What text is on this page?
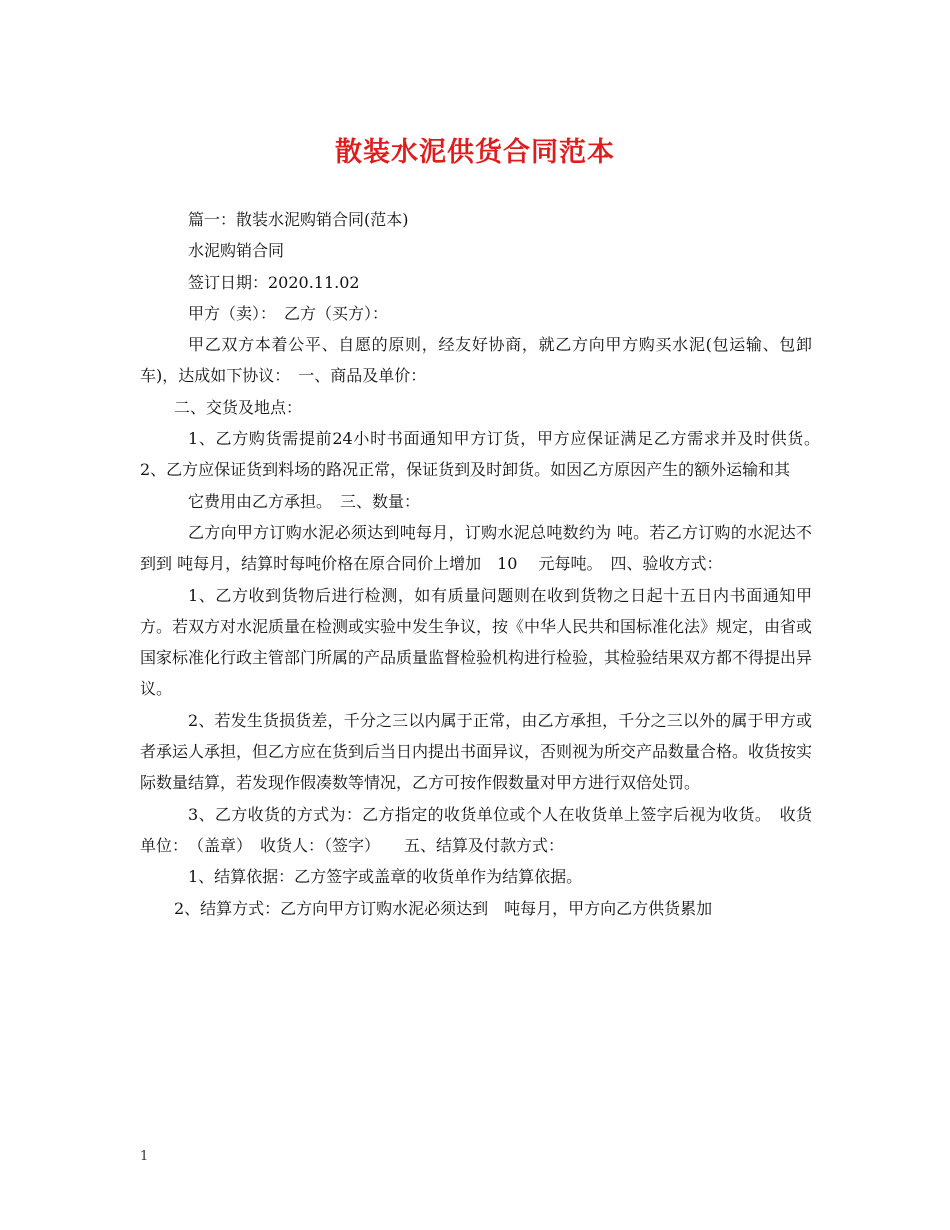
散装水泥供货合同范本

篇一：散装水泥购销合同(范本)

水泥购销合同

签订日期：2020.11.02

甲方（卖）：　乙方（买方）：

甲乙双方本着公平、自愿的原则，经友好协商，就乙方向甲方购买水泥(包运输、包卸车)，达成如下协议：　一、商品及单价：

二、交货及地点：

1、乙方购货需提前24小时书面通知甲方订货，甲方应保证满足乙方需求并及时供货。　2、乙方应保证货到料场的路况正常，保证货到及时卸货。如因乙方原因产生的额外运输和其

它费用由乙方承担。　三、数量：

乙方向甲方订购水泥必须达到吨每月，订购水泥总吨数约为 吨。若乙方订购的水泥达不到到 吨每月，结算时每吨价格在原合同价上增加　10　 元每吨。　四、验收方式：

1、乙方收到货物后进行检测，如有质量问题则在收到货物之日起十五日内书面通知甲方。若双方对水泥质量在检测或实验中发生争议，按《中华人民共和国标准化法》规定，由省或国家标准化行政主管部门所属的产品质量监督检验机构进行检验，其检验结果双方都不得提出异议。

2、若发生货损货差，千分之三以内属于正常，由乙方承担，千分之三以外的属于甲方或者承运人承担，但乙方应在货到后当日内提出书面异议，否则视为所交产品数量合格。收货按实际数量结算，若发现作假凑数等情况，乙方可按作假数量对甲方进行双倍处罚。

3、乙方收货的方式为：乙方指定的收货单位或个人在收货单上签字后视为收货。　收货单位：　（盖章）　收货人：（签字）　　五、结算及付款方式：

1、结算依据：乙方签字或盖章的收货单作为结算依据。

2、结算方式：乙方向甲方订购水泥必须达到　吨每月，甲方向乙方供货累加

1
